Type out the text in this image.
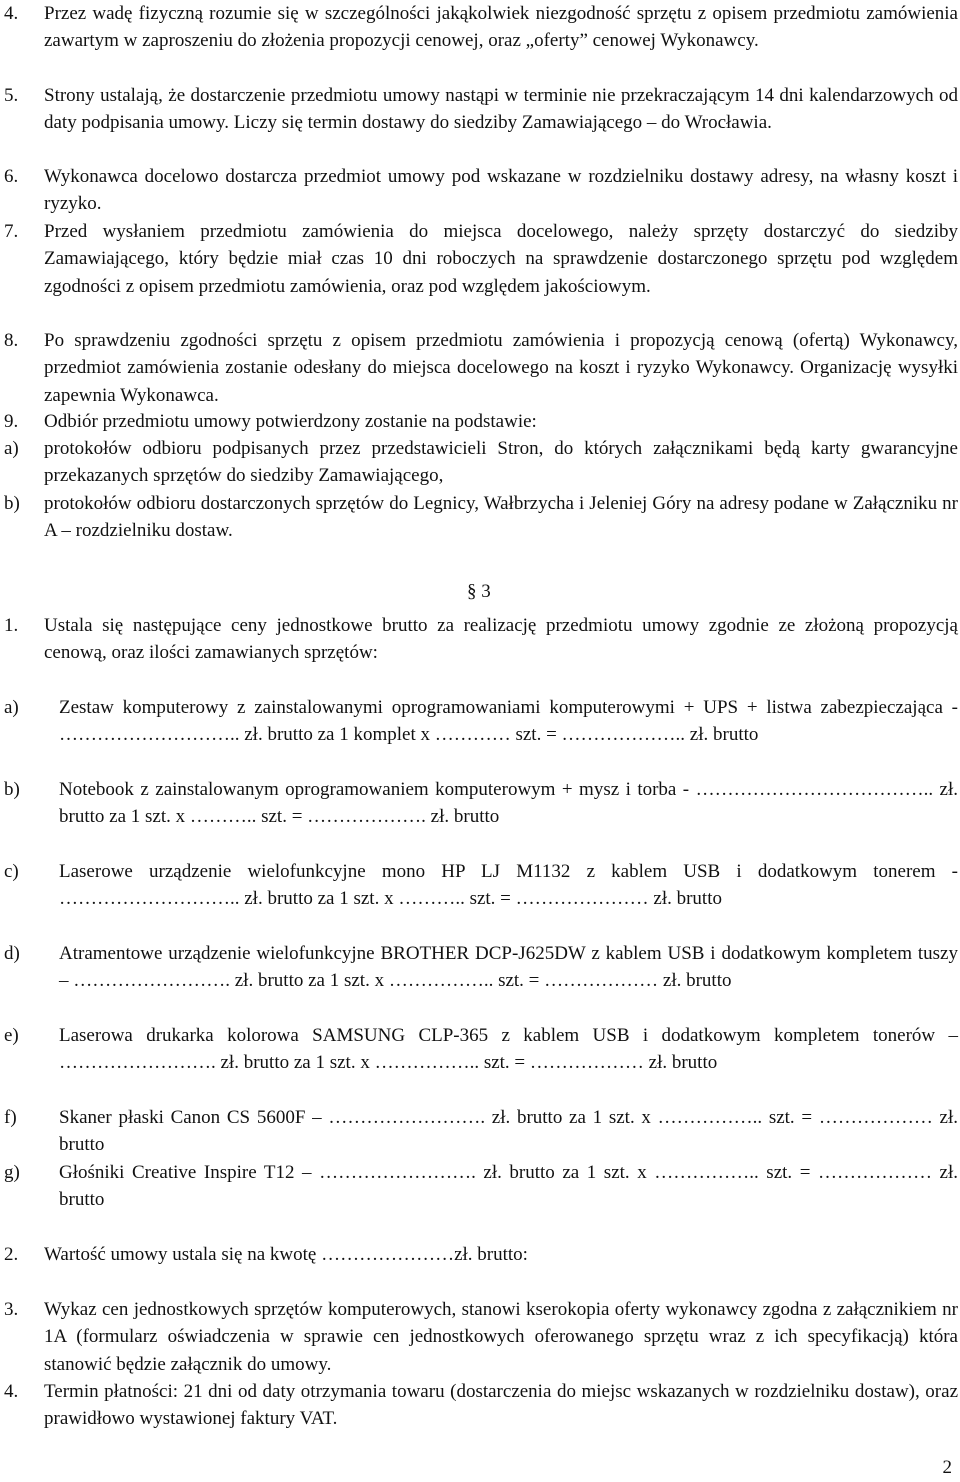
4. Przez wadę fizyczną rozumie się w szczególności jakąkolwiek niezgodność sprzętu z opisem przedmiotu zamówienia zawartym w zaproszeniu do złożenia propozycji cenowej, oraz „oferty” cenowej Wykonawcy.
5. Strony ustalają, że dostarczenie przedmiotu umowy nastąpi w terminie nie przekraczającym 14 dni kalendarzowych od daty podpisania umowy. Liczy się termin dostawy do siedziby Zamawiającego – do Wrocławia.
6. Wykonawca docelowo dostarcza przedmiot umowy pod wskazane w rozdzielniku dostawy adresy, na własny koszt i ryzyko.
7. Przed wysłaniem przedmiotu zamówienia do miejsca docelowego, należy sprzęty dostarczyć do siedziby Zamawiającego, który będzie miał czas 10 dni roboczych na sprawdzenie dostarczonego sprzętu pod względem zgodności z opisem przedmiotu zamówienia, oraz pod względem jakościowym.
8. Po sprawdzeniu zgodności sprzętu z opisem przedmiotu zamówienia i propozycją cenową (ofertą) Wykonawcy, przedmiot zamówienia zostanie odesłany do miejsca docelowego na koszt i ryzyko Wykonawcy. Organizację wysyłki zapewnia Wykonawca.
9. Odbiór przedmiotu umowy potwierdzony zostanie na podstawie:
a) protokołów odbioru podpisanych przez przedstawicieli Stron, do których załącznikami będą karty gwarancyjne przekazanych sprzętów do siedziby Zamawiającego,
b) protokołów odbioru dostarczonych sprzętów do Legnicy, Wałbrzycha i Jeleniej Góry na adresy podane w Załączniku nr A – rozdzielniku dostaw.
§ 3
1. Ustala się następujące ceny jednostkowe brutto za realizację przedmiotu umowy zgodnie ze złożoną propozycją cenową, oraz ilości zamawianych sprzętów:
a) Zestaw komputerowy z zainstalowanymi oprogramowaniami komputerowymi + UPS + listwa zabezpieczająca - ……………………….. zł. brutto za 1 komplet x ………… szt. = ……………….. zł. brutto
b) Notebook z zainstalowanym oprogramowaniem komputerowym + mysz i torba - ……………………………….. zł. brutto za 1 szt. x ……….. szt. = ………………. zł. brutto
c) Laserowe urządzenie wielofunkcyjne mono HP LJ M1132 z kablem USB i dodatkowym tonerem - ……………………….. zł. brutto za 1 szt. x ……….. szt. = ………………… zł. brutto
d) Atramentowe urządzenie wielofunkcyjne BROTHER DCP-J625DW z kablem USB i dodatkowym kompletem tuszy – ……………………. zł. brutto za 1 szt. x …………….. szt. = ……………… zł. brutto
e) Laserowa drukarka kolorowa SAMSUNG CLP-365 z kablem USB i dodatkowym kompletem tonerów – ……………………. zł. brutto za 1 szt. x …………….. szt. = ……………… zł. brutto
f) Skaner płaski Canon CS 5600F – ……………………. zł. brutto za 1 szt. x …………….. szt. = ……………… zł. brutto
g) Głośniki Creative Inspire T12 – ……………………. zł. brutto za 1 szt. x …………….. szt. = ……………… zł. brutto
2. Wartość umowy ustala się na kwotę …………………zł. brutto:
3. Wykaz cen jednostkowych sprzętów komputerowych, stanowi kserokopia oferty wykonawcy zgodna z załącznikiem nr 1A (formularz oświadczenia w sprawie cen jednostkowych oferowanego sprzętu wraz z ich specyfikacją) która stanowić będzie załącznik do umowy.
4. Termin płatności: 21 dni od daty otrzymania towaru (dostarczenia do miejsc wskazanych w rozdzielniku dostaw), oraz prawidłowo wystawionej faktury VAT.
2
